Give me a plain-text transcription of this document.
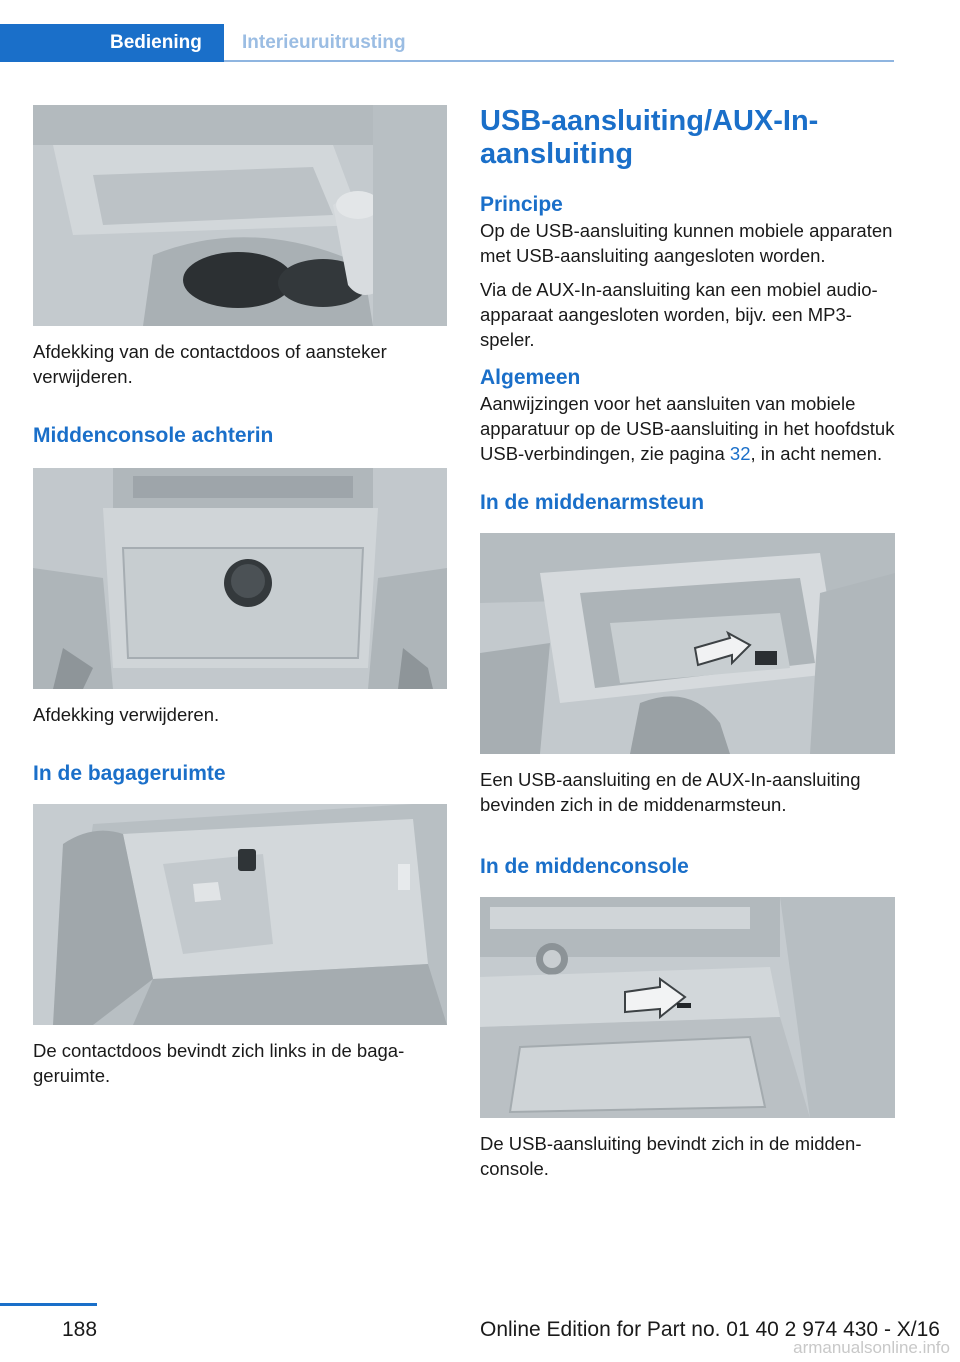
Bediening	Interieuruitrusting

Afdekking van de contactdoos of aansteker verwijderen.

Middenconsole achterin

Afdekking verwijderen.

In de bagageruimte

De contactdoos bevindt zich links in de bagageruimte.

USB-aansluiting/AUX-In-aansluiting
Principe

Op de USB-aansluiting kunnen mobiele apparaten met USB-aansluiting aangesloten worden.

Via de AUX-In-aansluiting kan een mobiel audio-apparaat aangesloten worden, bijv. een MP3-speler.

Algemeen

Aanwijzingen voor het aansluiten van mobiele apparatuur op de USB-aansluiting in het hoofdstuk USB-verbindingen, zie pagina 32, in acht nemen.

In de middenarmsteun

Een USB-aansluiting en de AUX-In-aansluiting bevinden zich in de middenarmsteun.

In de middenconsole

De USB-aansluiting bevindt zich in de middenconsole.

188	Online Edition for Part no. 01 40 2 974 430 - X/16
armanualsonline.info
